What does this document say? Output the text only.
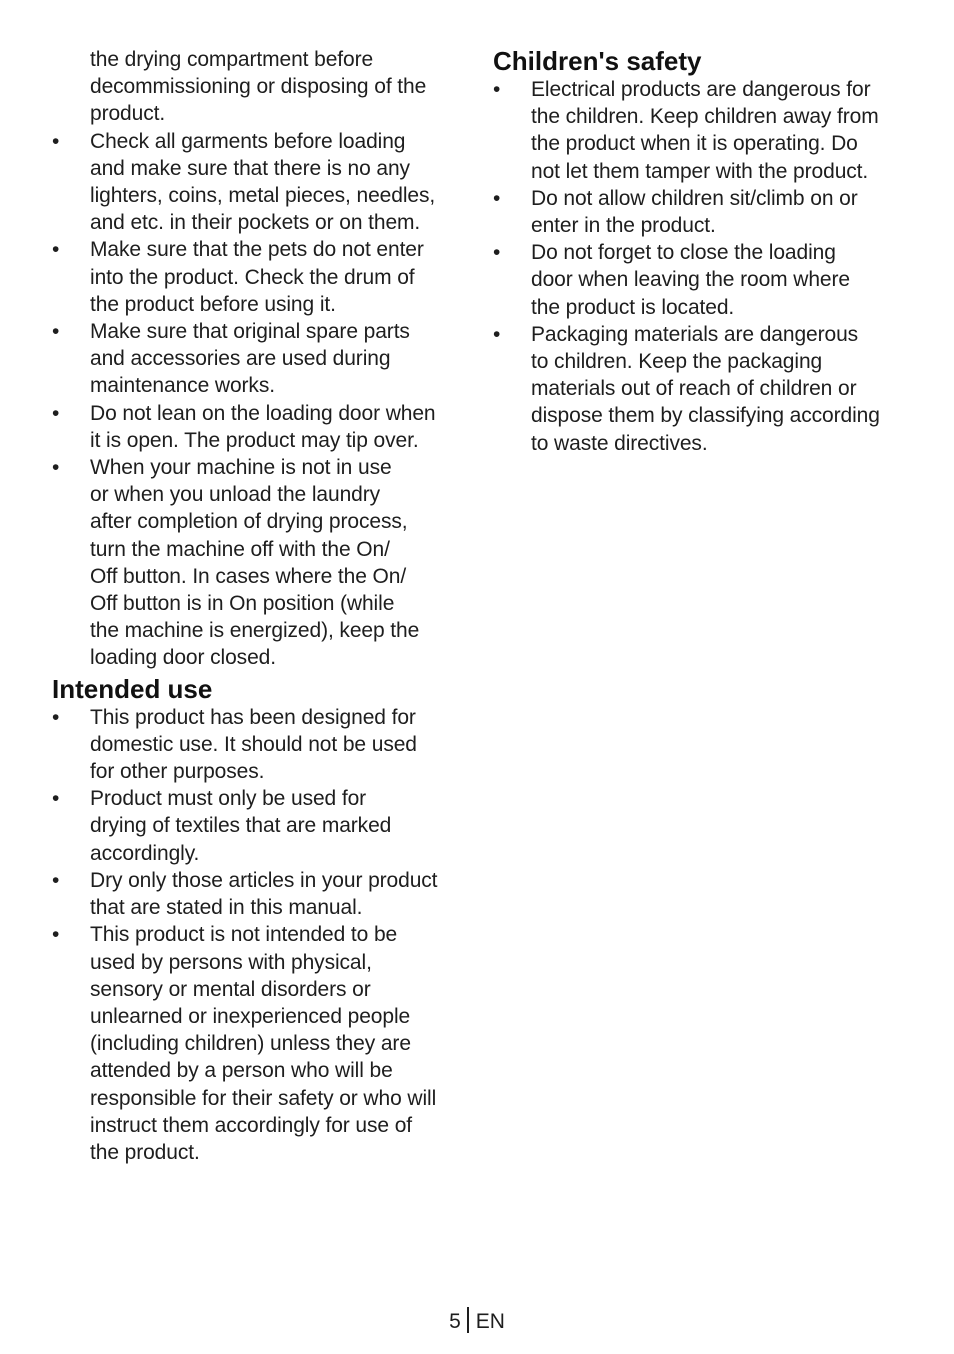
the drying compartment before
decommissioning or disposing of the
product.
• Check all garments before loading
and make sure that there is no any
lighters, coins, metal pieces, needles,
and etc. in their pockets or on them.
• Make sure that the pets do not enter
into the product. Check the drum of
the product before using it.
• Make sure that original spare parts
and accessories are used during
maintenance works.
• Do not lean on the loading door when
it is open. The product may tip over.
• When your machine is not in use
or when you unload the laundry
after completion of drying process,
turn the machine off with the On/
Off button. In cases where the On/
Off button is in On position (while
the machine is energized), keep the
loading door closed.
Intended use
• This product has been designed for
domestic use. It should not be used
for other purposes.
• Product must only be used for
drying of textiles that are marked
accordingly.
• Dry only those articles in your product
that are stated in this manual.
• This product is not intended to be
used by persons with physical,
sensory or mental disorders or
unlearned or inexperienced people
(including children) unless they are
attended by a person who will be
responsible for their safety or who will
instruct them accordingly for use of
the product.
Children's safety
• Electrical products are dangerous for
the children. Keep children away from
the product when it is operating. Do
not let them tamper with the product.
• Do not allow children sit/climb on or
enter in the product.
• Do not forget to close the loading
door when leaving the room where
the product is located.
• Packaging materials are dangerous
to children. Keep the packaging
materials out of reach of children or
dispose them by classifying according
to waste directives.
5 EN
